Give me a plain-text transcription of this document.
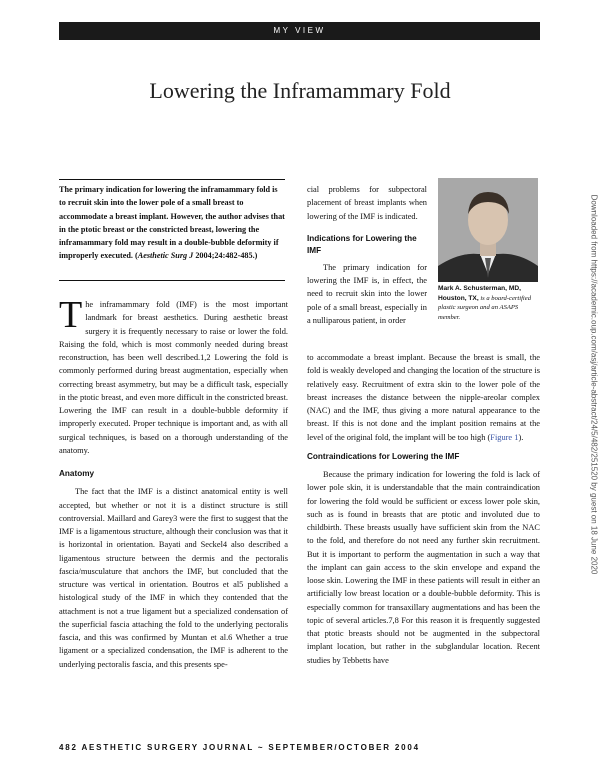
MY VIEW
Lowering the Inframammary Fold
The primary indication for lowering the inframammary fold is to recruit skin into the lower pole of a small breast to accommodate a breast implant. However, the author advises that in the ptotic breast or the constricted breast, lowering the inframammary fold may result in a double-bubble deformity if improperly executed. (Aesthetic Surg J 2004;24:482-485.)

The inframammary fold (IMF) is the most important landmark for breast aesthetics. During aesthetic breast surgery it is frequently necessary to raise or lower the fold. Raising the fold, which is most commonly needed during breast reconstruction, has been well described.1,2 Lowering the fold is commonly performed during breast augmentation, especially when correcting breast asymmetry, but may be a difficult task, especially in the ptotic breast, and even more difficult in the constricted breast. Lowering the IMF can result in a double-bubble deformity if improperly executed. Proper technique is important and, as with all surgical techniques, is based on a thorough understanding of the anatomy.

Anatomy

The fact that the IMF is a distinct anatomical entity is well accepted, but whether or not it is a distinct structure is still controversial. Maillard and Garey3 were the first to suggest that the IMF is a ligamentous structure, although their conclusion was that it is horizontal in orientation. Bayati and Seckel4 also described a ligamentous structure between the dermis and the pectoralis fascia/musculature that anchors the IMF, but concluded that the structure was vertical in orientation. Boutros et al5 published a histological study of the IMF in which they contended that the attachment is not a true ligament but a specialized condensation of the superficial fascia attaching the fold to the underlying pectoralis fascia, and this was confirmed by Muntan et al.6 Whether a true ligament or a specialized condensation, the IMF is adherent to the underlying pectoralis fascia, and this presents spe-

cial problems for subpectoral placement of breast implants when lowering of the IMF is indicated.

Indications for Lowering the IMF

The primary indication for lowering the IMF is, in effect, the need to recruit skin into the lower pole of a small breast, especially in a nulliparous patient, in order

Mark A. Schusterman, MD, Houston, TX, is a board-certified plastic surgeon and an ASAPS member.

to accommodate a breast implant. Because the breast is small, the fold is weakly developed and changing the location of the structure is relatively easy. Recruitment of extra skin to the lower pole of the breast increases the distance between the nipple-areolar complex (NAC) and the IMF, thus giving a more natural appearance to the breast. If this is not done and the implant position remains at the level of the original fold, the implant will be too high (Figure 1).

Contraindications for Lowering the IMF

Because the primary indication for lowering the fold is lack of lower pole skin, it is understandable that the main contraindication for lowering the fold would be sufficient or excess lower pole skin, such as is found in breasts that are ptotic and involuted due to childbirth. These breasts usually have sufficient skin from the NAC to the fold, and therefore do not need any further skin recruitment. But it is important to perform the augmentation in such a way that the implant can gain access to the skin envelope and expand the loose skin. Lowering the IMF in these patients will result in either an artificially low breast location or a double-bubble deformity. This is especially common for transaxillary augmentations and has been the topic of several articles.7,8 For this reason it is frequently suggested that ptotic breasts should not be augmented in the subpectoral implant location, but rather in the subglandular location. Recent studies by Tebbetts have

Downloaded from https://academic.oup.com/asj/article-abstract/24/5/482/251520 by guest on 18 June 2020
482 AESTHETIC SURGERY JOURNAL ~ SEPTEMBER/OCTOBER 2004
